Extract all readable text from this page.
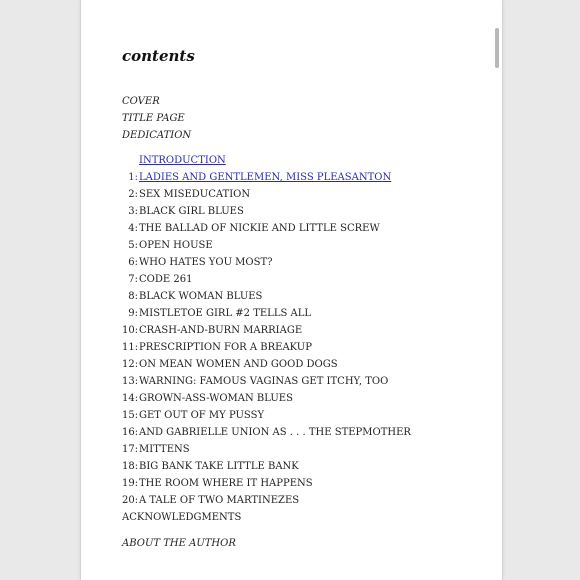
contents
COVER
TITLE PAGE
DEDICATION
INTRODUCTION
1:LADIES AND GENTLEMEN, MISS PLEASANTON
2:SEX MISEDUCATION
3:BLACK GIRL BLUES
4:THE BALLAD OF NICKIE AND LITTLE SCREW
5:OPEN HOUSE
6:WHO HATES YOU MOST?
7:CODE 261
8:BLACK WOMAN BLUES
9:MISTLETOE GIRL #2 TELLS ALL
10:CRASH-AND-BURN MARRIAGE
11:PRESCRIPTION FOR A BREAKUP
12:ON MEAN WOMEN AND GOOD DOGS
13:WARNING: FAMOUS VAGINAS GET ITCHY, TOO
14:GROWN-ASS-WOMAN BLUES
15:GET OUT OF MY PUSSY
16:AND GABRIELLE UNION AS . . . THE STEPMOTHER
17:MITTENS
18:BIG BANK TAKE LITTLE BANK
19:THE ROOM WHERE IT HAPPENS
20:A TALE OF TWO MARTINEZES
ACKNOWLEDGMENTS
ABOUT THE AUTHOR
